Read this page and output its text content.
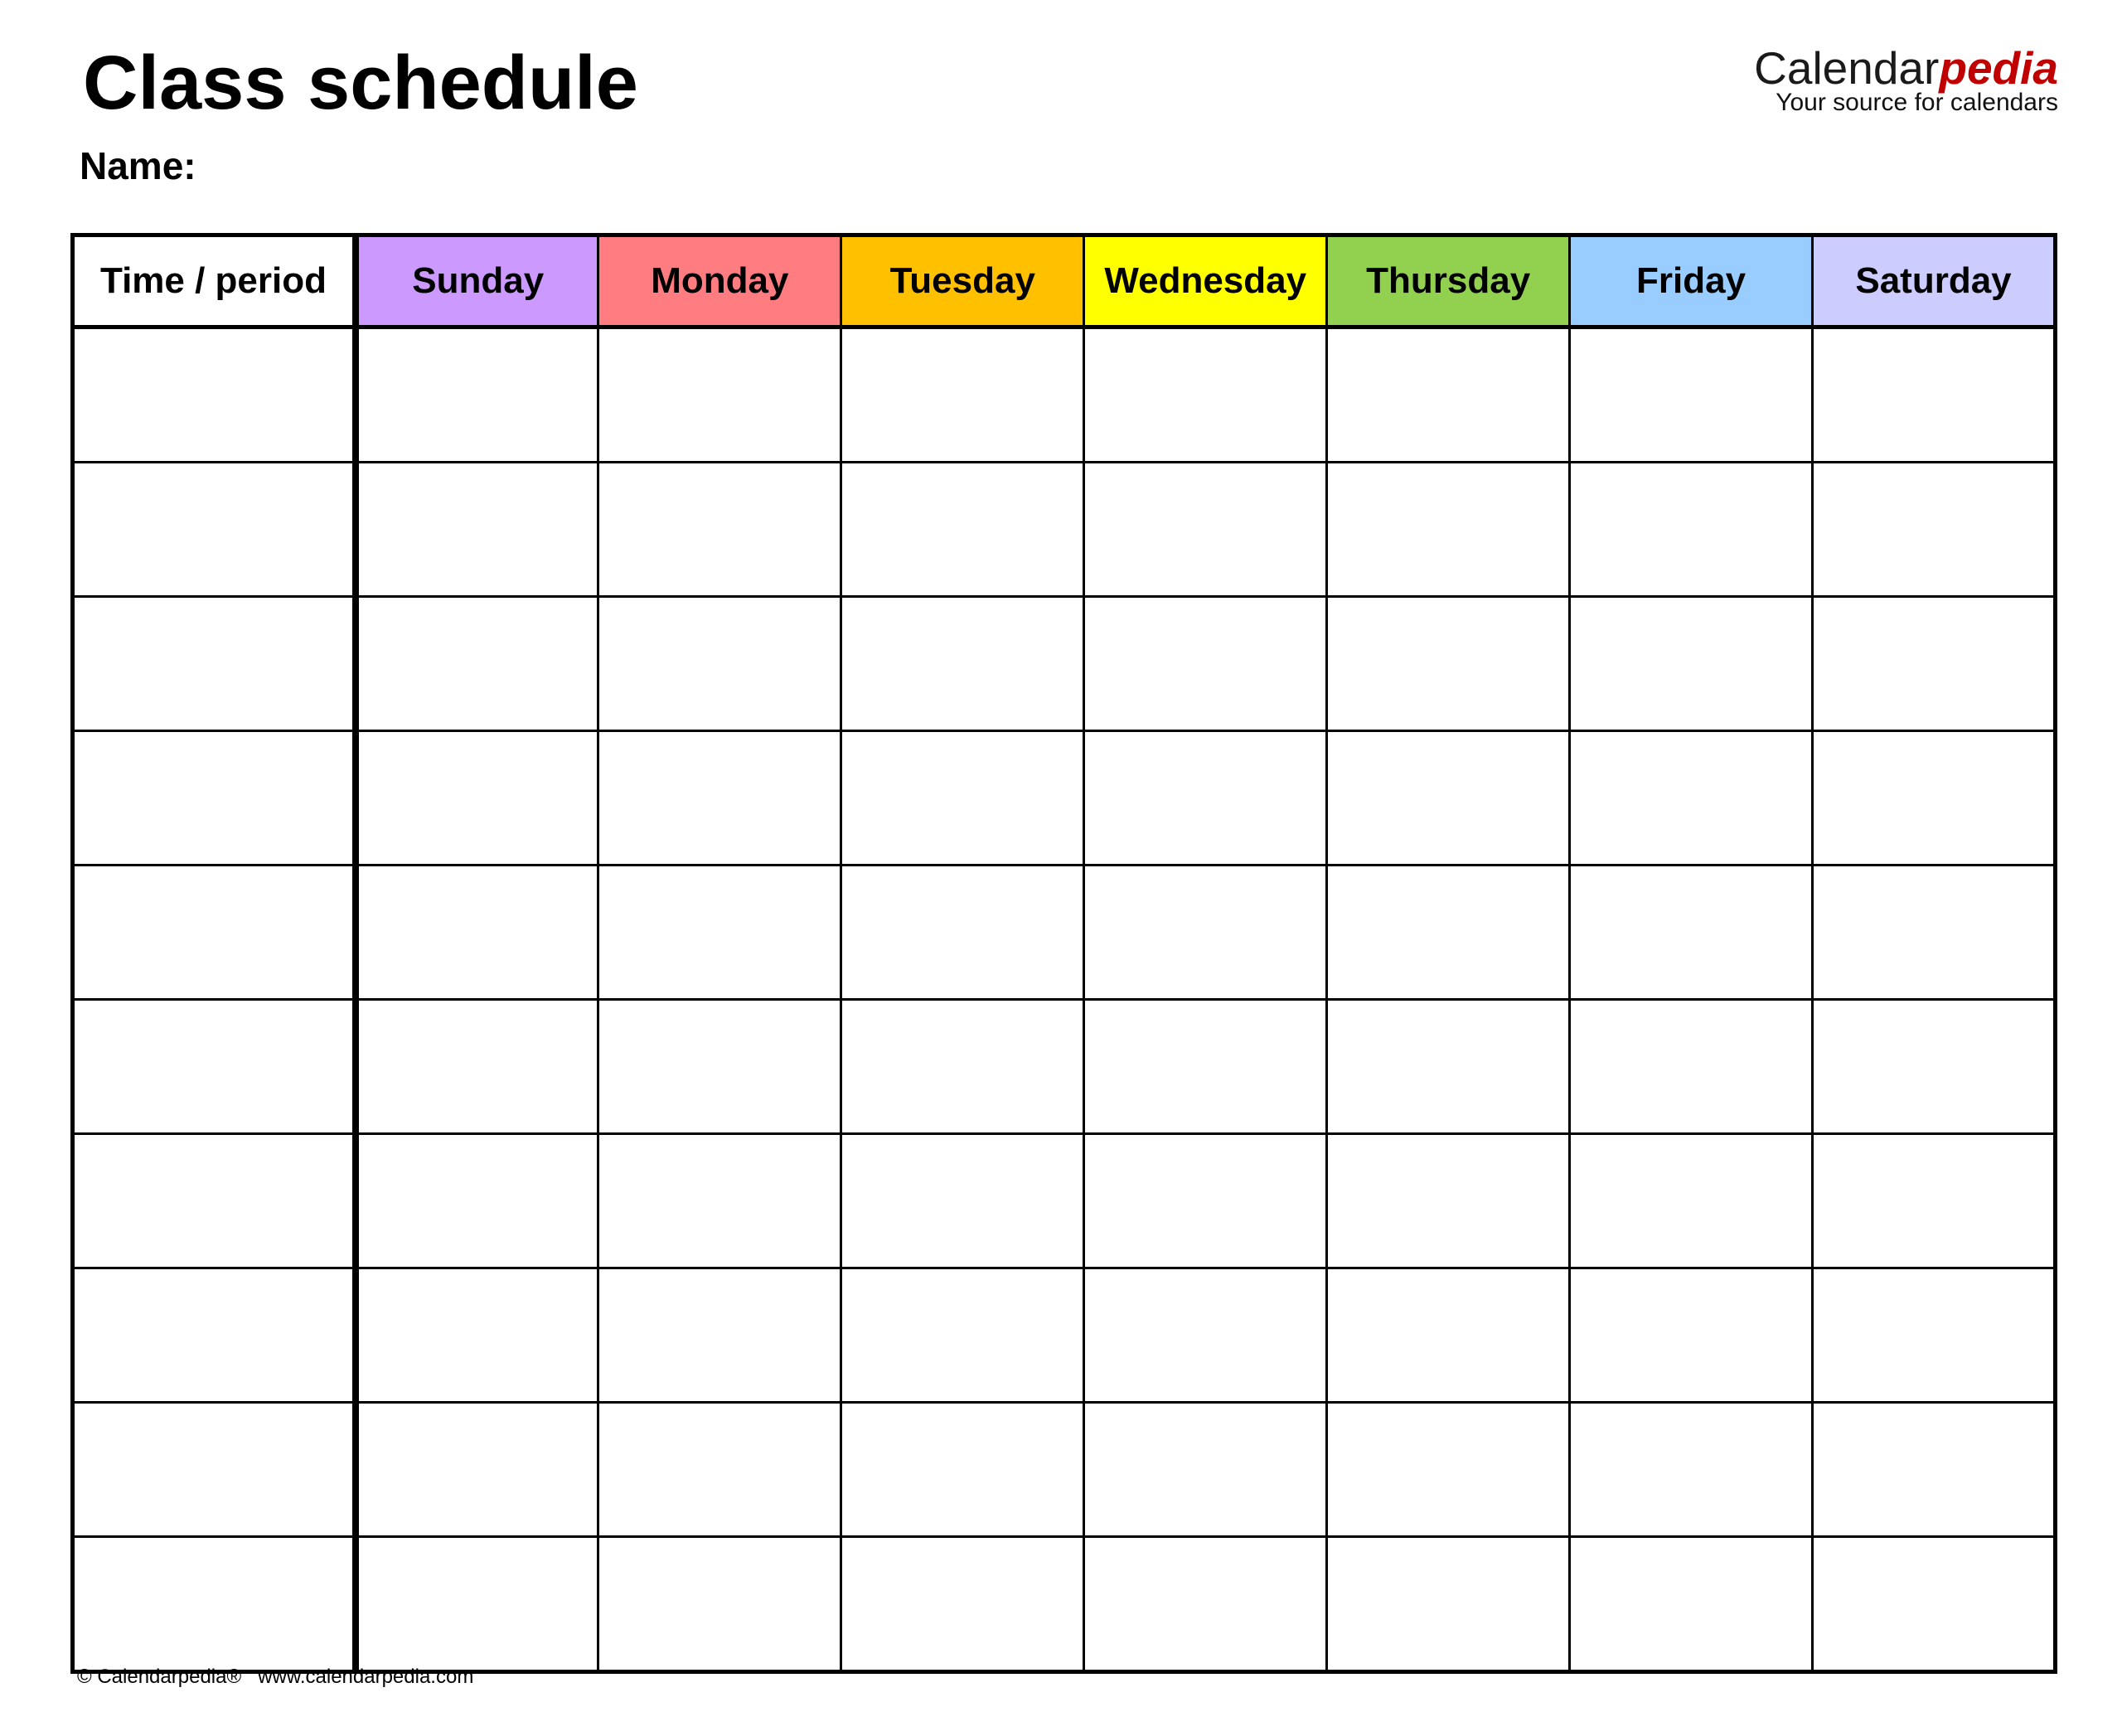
Class schedule
Name:
Calendarpedia
Your source for calendars
Time / period	Sunday	Monday	Tuesday	Wednesday	Thursday	Friday	Saturday

© Calendarpedia® www.calendarpedia.com
